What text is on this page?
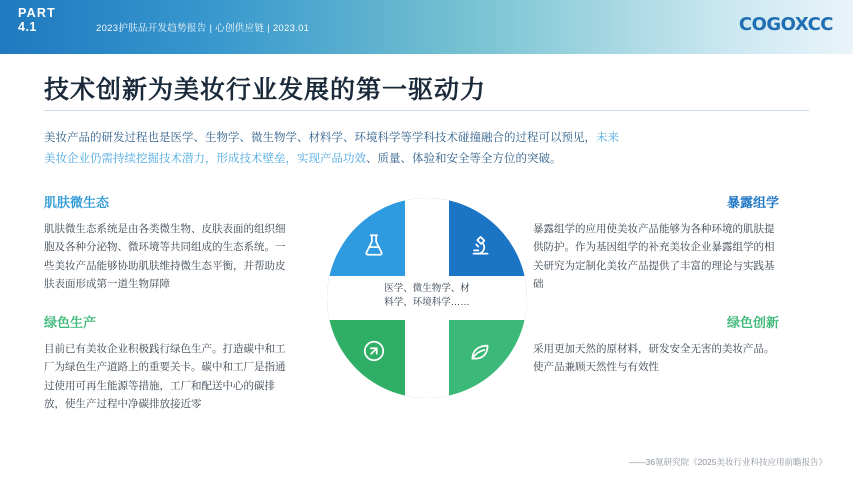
PART
4.1	2023护肤品开发趋势报告 | 心创供应链 | 2023.01	COGOXCC
技术创新为美妆行业发展的第一驱动力
美妆产品的研发过程也是医学、生物学、微生物学、材料学、环境科学等学科技术碰撞融合的过程可以预见，未来
美妆企业仍需持续挖掘技术潜力，形成技术壁垒，实现产品功效、质量、体验和安全等全方位的突破。
医学、微生物学、材
料学、环境科学……
肌肤微生态
肌肤微生态系统是由各类微生物、皮肤表面的组织细胞及各种分泌物、微环境等共同组成的生态系统。一些美妆产品能够协助肌肤维持微生态平衡，并帮助皮肤表面形成第一道生物屏障
绿色生产
目前已有美妆企业积极践行绿色生产。打造碳中和工厂为绿色生产道路上的重要关卡。碳中和工厂是指通过使用可再生能源等措施，工厂和配送中心的碳排放，使生产过程中净碳排放接近零
暴露组学
暴露组学的应用使美妆产品能够为各种环境的肌肤提供防护。作为基因组学的补充美妆企业暴露组学的相关研究为定制化美妆产品提供了丰富的理论与实践基础
绿色创新
采用更加天然的原材料，研发安全无害的美妆产品。使产品兼顾天然性与有效性
——36氪研究院《2025美妆行业科技应用前瞻报告》
